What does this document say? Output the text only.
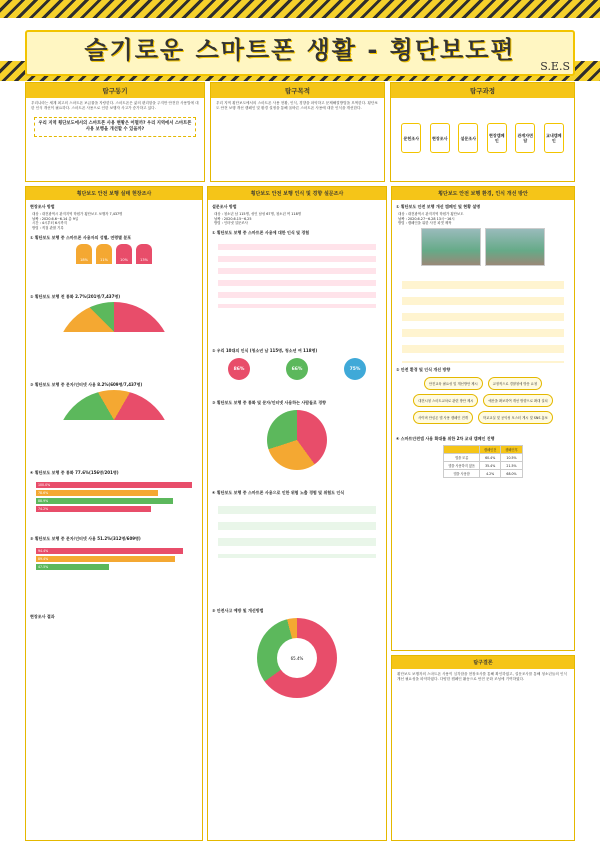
슬기로운 스마트폰 생활 - 횡단보도편
S.E.S
탐구동기
우리나라는 세계 최고의 스마트폰 보급률을 자랑한다. 스마트폰은 삶의 편리함을 주지만 안전한 사용법에 대한 인식 개선이 필요하다. 스마트폰 사용으로 인한 보행자 사고가 증가하고 있다.
우리 지역 횡단보도에서의 스마트폰 사용 현황은 어떨까? 우리 지역에서 스마트폰 사용 보행을 개선할 수 있을까?
탐구목적
우리 지역 횡단보도에서의 스마트폰 사용 현황, 인식, 경향을 파악하고 문제해결방법을 모색한다. 횡단보도 안전 보행 개선 캠페인 및 환경 설정을 통해 올바른 스마트폰 사용에 대한 인식을 개선한다.
탐구과정
문헌조사	현장조사	설문조사	현장캠페인
관계자면담
교내캠페인
횡단보도 안전 보행 실태 현장조사
현장조사 방법
대상 : 대전광역시 관저지역 학원가 횡단보도 보행자 7,437명
날짜 : 2020.6.6~6.14 총 9일
시간 : 4시부터 6시까지
방법 : 직접 관찰 기록
① 횡단보도 보행 중 스마트폰 사용자의 성별, 연령별 분포
18%	11%	10%	13%
② 횡단보도 보행 전 통화 2.7%(201명/7,437명)
③ 횡단보도 보행 중 문자/인터넷 사용 8.2%(609명/7,437명)
④ 횡단보도 보행 중 통화 77.6%(156명/201명)
100.0%
78.6%
88.9%
74.2%
⑤ 횡단보도 보행 중 문자/인터넷 사용 51.2%(312명/609명)
94.4%
89.4%
47.5%
현장조사 결과
횡단보도 안전 보행 인식 및 경향 설문조사
설문조사 방법
대상 : 청소년 남 115명, 성인 남성 67명, 청소년 여 118명
날짜 : 2020.6.15~6.25
방법 : 인터넷 설문조사
① 횡단보도 보행 중 스마트폰 사용에 대한 인식 및 경험
② 우리 10대의 인식 (청소년 남 115명, 청소년 여 118명)
86%	66%	75%
③ 횡단보도 보행 중 통화 및 문자/인터넷 사용하는 사람들로 경향
④ 횡단보도 보행 중 스마트폰 사용으로 인한 위험 노출 경험 및 위험도 인식
⑤ 안전사고 예방 및 개선방법
65.4%
횡단보도 안전 보행 환경, 인식 개선 방안
① 횡단보도 안전 보행 개선 캠페인 및 현황 설명
대상 : 대전광역시 관저지역 학원가 횡단보도
날짜 : 2020.6.27~6.28 13시~16시
방법 : 캠페인을 위한 사전 피켓 제작

② 안전 환경 및 인식 개선 방향
안전교육 필요성 및 개선방안 제시	교정적으로 경찰청에 방문 요청 대전시청 스마트교차로 관련 방안 제시	예산을 확보하여 개선 방향으로 확대 설치 사이버 안심존 앱 사용 캠페인 전개	학교교실 및 공익성 포스터 게시 및 SNS 홍보
④ 스마트안전앱 사용 확대를 위한 2차 교내 캠페인 진행
	캠페인전	캠페인후
앱을 모름	60.4%	10.5%
앱을 사용하지 않음	35.4%	21.5%
앱을 사용함	4.2%	68.0%
탐구결론
횡단보도 보행자의 스마트폰 사용이 심각함을 현장조사를 통해 확인하였고, 설문조사를 통해 청소년들의 인식 개선 필요성을 파악하였다. 다양한 캠페인 활동으로 안전 문화 조성에 기여하였다.
